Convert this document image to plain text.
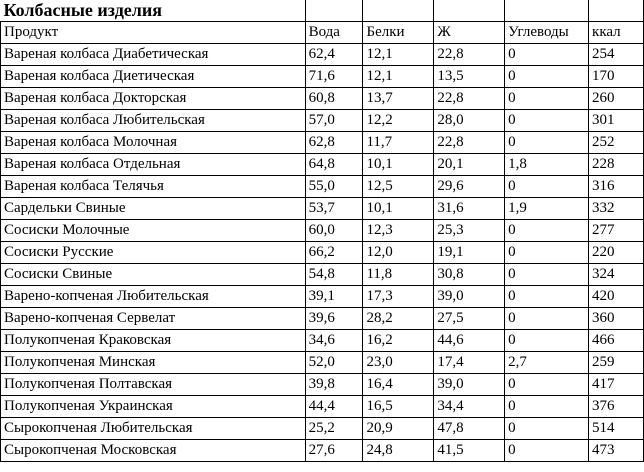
Колбасные изделия					
Продукт	Вода	Белки	Ж	Углеводы	ккал
Вареная колбаса Диабетическая	62,4	12,1	22,8	0	254
Вареная колбаса Диетическая	71,6	12,1	13,5	0	170
Вареная колбаса Докторская	60,8	13,7	22,8	0	260
Вареная колбаса Любительская	57,0	12,2	28,0	0	301
Вареная колбаса Молочная	62,8	11,7	22,8	0	252
Вареная колбаса Отдельная	64,8	10,1	20,1	1,8	228
Вареная колбаса Телячья	55,0	12,5	29,6	0	316
Сардельки Свиные	53,7	10,1	31,6	1,9	332
Сосиски Молочные	60,0	12,3	25,3	0	277
Сосиски Русские	66,2	12,0	19,1	0	220
Сосиски Свиные	54,8	11,8	30,8	0	324
Варено-копченая Любительская	39,1	17,3	39,0	0	420
Варено-копченая Сервелат	39,6	28,2	27,5	0	360
Полукопченая Краковская	34,6	16,2	44,6	0	466
Полукопченая Минская	52,0	23,0	17,4	2,7	259
Полукопченая Полтавская	39,8	16,4	39,0	0	417
Полукопченая Украинская	44,4	16,5	34,4	0	376
Сырокопченая Любительская	25,2	20,9	47,8	0	514
Сырокопченая Московская	27,6	24,8	41,5	0	473
